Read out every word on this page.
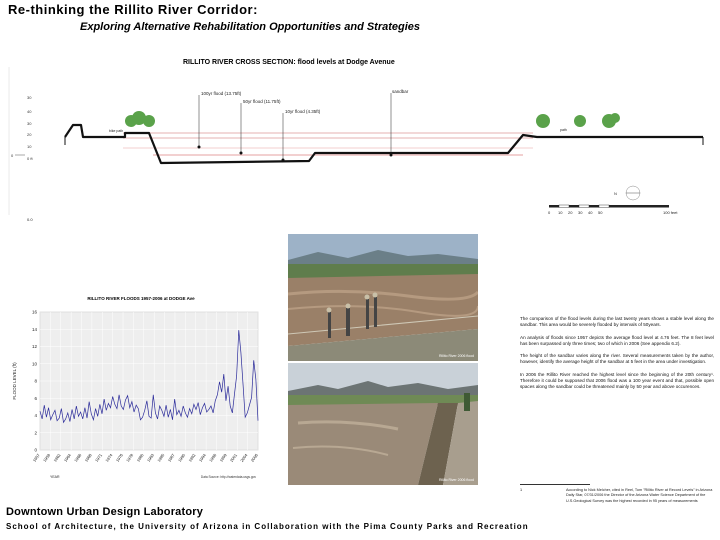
Re-thinking the Rillito River Corridor:
Exploring Alternative Rehabilitation Opportunities and Strategies
RILLITO RIVER CROSS SECTION: flood levels at Dodge Avenue
30
40
30
20
10
0
0 ft
100yr flood (13.75ft)
50yr flood (11.75ft)
10yr flood (4.35ft)
sandbar
bike path	path
N
0 10 20 30 40 50	100 feet
0.0
Rillito River 2006 flood
Rillito River 2006 flood
RILLITO RIVER FLOODS 1957-2006 at DODGE Ave
0
2
4
6
8
10
12
14
16
1957 1959 1962 1964 1966 1968 1971 1974 1976 1978 1980 1983 1985 1987 1990 1992 1994 1996 1999 2001 2004 2006
FLOOD LEVEL (ft)
YEAR	Data Source: http://waterdata.usgs.gov

The comparison of the flood levels during the last twenty years shows a stable level along the sandbar. This area would be severely flooded by intervals of 50years.

An analysis of floods since 1957 depicts the average flood level at 4.76 feet. The 8 feet level has been surpassed only three times; two of which in 2006 (See appendix 6.2).

The height of the sandbar varies along the river. Several measurements taken by the author, however, identify the average height of the sandbar at 5 feet in the area under investigation.

In 2006 the Rillito River reached the highest level since the beginning of the 20th century¹. Therefore it could be supposed that 2006 flood was a 100 year event and that, possible open spaces along the sandbar could be threatened mainly by 50 year and above occurences.

1	According to Nick Melcher, cited in Reel, Tom "Rillito River at Record Levels" in Arizona Daily Star, 07/31/2006 the Director of the Arizona Water Science Department of the U.S.Geological Survey was the highest recorded in 95 years of measurements
Downtown Urban Design Laboratory
School of Architecture, the University of Arizona in Collaboration with the Pima County Parks and Recreation
